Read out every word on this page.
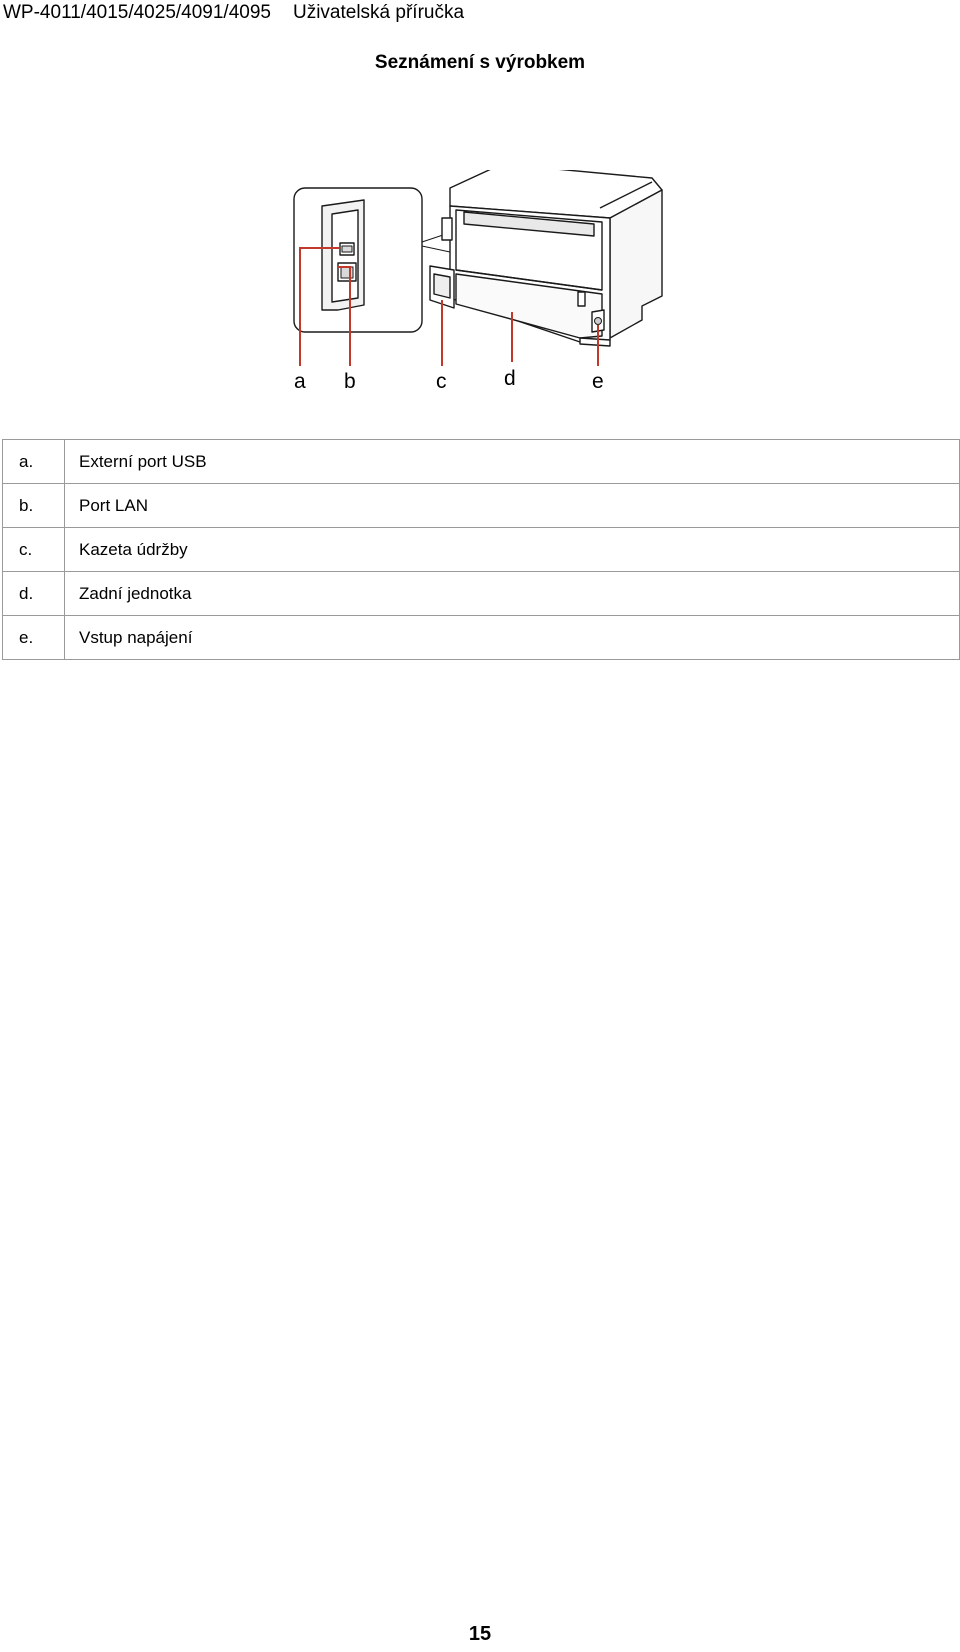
WP-4011/4015/4025/4091/4095 Uživatelská příručka
Seznámení s výrobkem
a b	c	d	e
a.	Externí port USB
b.	Port LAN
c.	Kazeta údržby
d.	Zadní jednotka
e.	Vstup napájení
15
